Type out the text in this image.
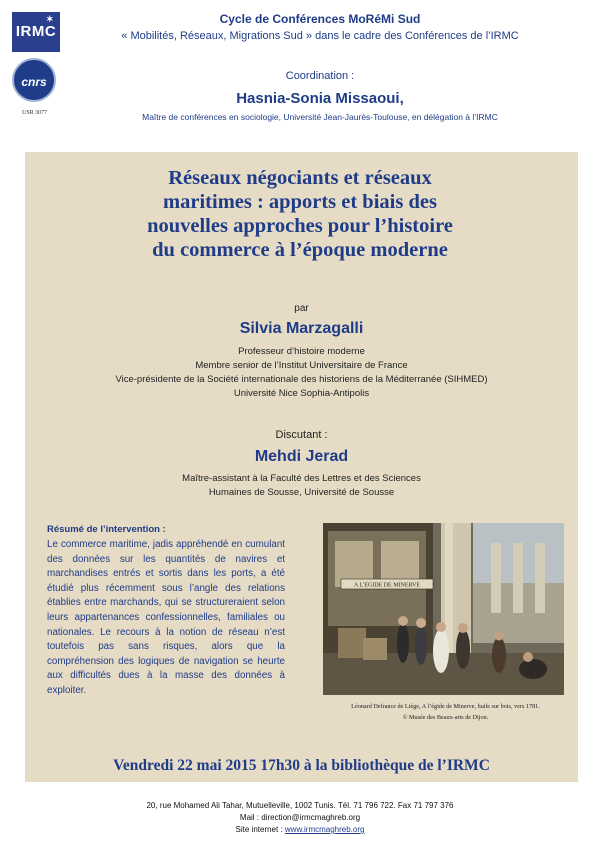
✶
IRMC
cnrs
USR 3077
Cycle de Conférences MoRéMi Sud
« Mobilités, Réseaux, Migrations Sud » dans le cadre des Conférences de l’IRMC
Coordination :
Hasnia-Sonia Missaoui,
Maître de conférences en sociologie, Université Jean-Jaurès-Toulouse, en délégation à l’IRMC
Réseaux négociants et réseaux
maritimes : apports et biais des
nouvelles approches pour l’histoire
du commerce à l’époque moderne
par
Silvia Marzagalli
Professeur d’histoire moderne
Membre senior de l’Institut Universitaire de France
Vice-présidente de la Société internationale des historiens de la Méditerranée (SIHMED)
Université Nice Sophia-Antipolis
Discutant :
Mehdi Jerad
Maître-assistant à la Faculté des Lettres et des Sciences
Humaines de Sousse, Université de Sousse
Résumé de l’intervention :
Le commerce maritime, jadis appréhendé en cumulant des données sur les quantités de navires et marchandises entrés et sortis dans les ports, a été étudié plus récemment sous l’angle des relations établies entre marchands, qui se structureraient selon leurs appartenances confessionnelles, familiales ou nationales. Le recours à la notion de réseau n’est toutefois pas sans risques, alors que la compréhension des logiques de navigation se heurte aux difficultés dues à la masse des données à exploiter.
A L'EGIDE DE MINERVE
Léonard Defrance de Liège, A l’égide de Minerve, huile sur bois, vers 1781.
© Musée des Beaux-arts de Dijon.
Vendredi 22 mai 2015 17h30 à la bibliothèque de l’IRMC
20, rue Mohamed Ali Tahar, Mutuelleville, 1002 Tunis. Tél. 71 796 722. Fax 71 797 376
Mail : direction@irmcmaghreb.org
Site internet : www.irmcmaghreb.org
